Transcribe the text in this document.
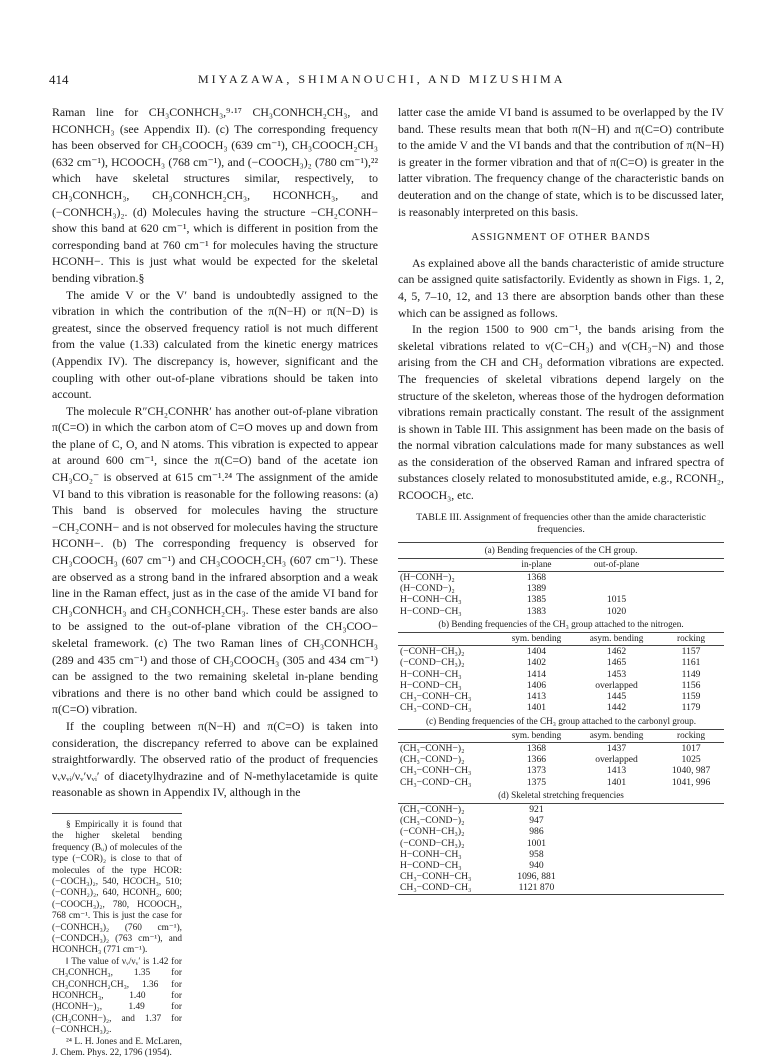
414	MIYAZAWA, SHIMANOUCHI, AND MIZUSHIMA

Raman line for CH₃CONHCH₃,⁹·¹⁷ CH₃CONHCH₂CH₃, and HCONHCH₃ (see Appendix II). (c) The corresponding frequency has been observed for CH₃COOCH₃ (639 cm⁻¹), CH₃COOCH₂CH₃ (632 cm⁻¹), HCOOCH₃ (768 cm⁻¹), and (−COOCH₃)₂ (780 cm⁻¹),²² which have skeletal structures similar, respectively, to CH₃CONHCH₃, CH₃CONHCH₂CH₃, HCONHCH₃, and (−CONHCH₃)₂. (d) Molecules having the structure −CH₂CONH− show this band at 620 cm⁻¹, which is different in position from the corresponding band at 760 cm⁻¹ for molecules having the structure HCONH−. This is just what would be expected for the skeletal bending vibration.§

The amide V or the V′ band is undoubtedly assigned to the vibration in which the contribution of the π(N−H) or π(N−D) is greatest, since the observed frequency ratio‖ is not much different from the value (1.33) calculated from the kinetic energy matrices (Appendix IV). The discrepancy is, however, significant and the coupling with other out-of-plane vibrations should be taken into account.

The molecule R″CH₂CONHR′ has another out-of-plane vibration π(C=O) in which the carbon atom of C=O moves up and down from the plane of C, O, and N atoms. This vibration is expected to appear at around 600 cm⁻¹, since the π(C=O) band of the acetate ion CH₃CO₂⁻ is observed at 615 cm⁻¹.²⁴ The assignment of the amide VI band to this vibration is reasonable for the following reasons: (a) This band is observed for molecules having the structure −CH₂CONH− and is not observed for molecules having the structure HCONH−. (b) The corresponding frequency is observed for CH₃COOCH₃ (607 cm⁻¹) and CH₃COOCH₂CH₃ (607 cm⁻¹). These are observed as a strong band in the infrared absorption and a weak line in the Raman effect, just as in the case of the amide VI band for CH₃CONHCH₃ and CH₃CONHCH₂CH₃. These ester bands are also to be assigned to the out-of-plane vibration of the CH₃COO− skeletal framework. (c) The two Raman lines of CH₃CONHCH₃ (289 and 435 cm⁻¹) and those of CH₃COOCH₃ (305 and 434 cm⁻¹) can be assigned to the two remaining skeletal in-plane bending vibrations and there is no other band which could be assigned to π(C=O) vibration.

If the coupling between π(N−H) and π(C=O) is taken into consideration, the discrepancy referred to above can be explained straightforwardly. The observed ratio of the product of frequencies νᵥνᵥᵢ/νᵥ′νᵥᵢ′ of diacetylhydrazine and of N-methylacetamide is quite reasonable as shown in Appendix IV, although in the

§ Empirically it is found that the higher skeletal bending frequency (Bᵤ) of molecules of the type (−COR)₂ is close to that of molecules of the type HCOR: (−COCH₃)₂, 540, HCOCH₃, 510; (−CONH₂)₂, 640, HCONH₂, 600; (−COOCH₃)₂, 780, HCOOCH₃, 768 cm⁻¹. This is just the case for (−CONHCH₃)₂ (760 cm⁻¹), (−CONDCH₃)₂ (763 cm⁻¹), and HCONHCH₃ (771 cm⁻¹).

‖ The value of νᵥ/νᵥ′ is 1.42 for CH₃CONHCH₃, 1.35 for CH₃CONHCH₂CH₃, 1.36 for HCONHCH₃, 1.40 for (HCONH−)₂, 1.49 for (CH₃CONH−)₂, and 1.37 for (−CONHCH₃)₂.

²⁴ L. H. Jones and E. McLaren, J. Chem. Phys. 22, 1796 (1954).

latter case the amide VI band is assumed to be overlapped by the IV band. These results mean that both π(N−H) and π(C=O) contribute to the amide V and the VI bands and that the contribution of π(N−H) is greater in the former vibration and that of π(C=O) is greater in the latter vibration. The frequency change of the characteristic bands on deuteration and on the change of state, which is to be discussed later, is reasonably interpreted on this basis.

ASSIGNMENT OF OTHER BANDS

As explained above all the bands characteristic of amide structure can be assigned quite satisfactorily. Evidently as shown in Figs. 1, 2, 4, 5, 7–10, 12, and 13 there are absorption bands other than these which can be assigned as follows.

In the region 1500 to 900 cm⁻¹, the bands arising from the skeletal vibrations related to ν(C−CH₃) and ν(CH₃−N) and those arising from the CH and CH₃ deformation vibrations are expected. The frequencies of skeletal vibrations depend largely on the structure of the skeleton, whereas those of the hydrogen deformation vibrations remain practically constant. The result of the assignment is shown in Table III. This assignment has been made on the basis of the normal vibration calculations made for many substances as well as the consideration of the observed Raman and infrared spectra of substances closely related to monosubstituted amide, e.g., RCONH₂, RCOOCH₃, etc.

TABLE III. Assignment of frequencies other than the amide characteristic frequencies.
(a) Bending frequencies of the CH group.			
	in-plane	out-of-plane	
(H−CONH−)₂	1368		
(H−COND−)₂	1389		
H−CONH−CH₃	1385	1015	
H−COND−CH₃	1383	1020	
(b) Bending frequencies of the CH₃ group attached to the nitrogen.			
	sym. bending	asym. bending	rocking
(−CONH−CH₃)₂	1404	1462	1157
(−COND−CH₃)₂	1402	1465	1161
H−CONH−CH₃	1414	1453	1149
H−COND−CH₃	1406	overlapped	1156
CH₃−CONH−CH₃	1413	1445	1159
CH₃−COND−CH₃	1401	1442	1179
(c) Bending frequencies of the CH₃ group attached to the carbonyl group.			
	sym. bending	asym. bending	rocking
(CH₃−CONH−)₂	1368	1437	1017
(CH₃−COND−)₂	1366	overlapped	1025
CH₃−CONH−CH₃	1373	1413	1040, 987
CH₃−COND−CH₃	1375	1401	1041, 996
(d) Skeletal stretching frequencies			
(CH₃−CONH−)₂	921		
(CH₃−COND−)₂	947		
(−CONH−CH₃)₂	986		
(−COND−CH₃)₂	1001		
H−CONH−CH₃	958		
H−COND−CH₃	940		
CH₃−CONH−CH₃	1096, 881		
CH₃−COND−CH₃	1121 870		
